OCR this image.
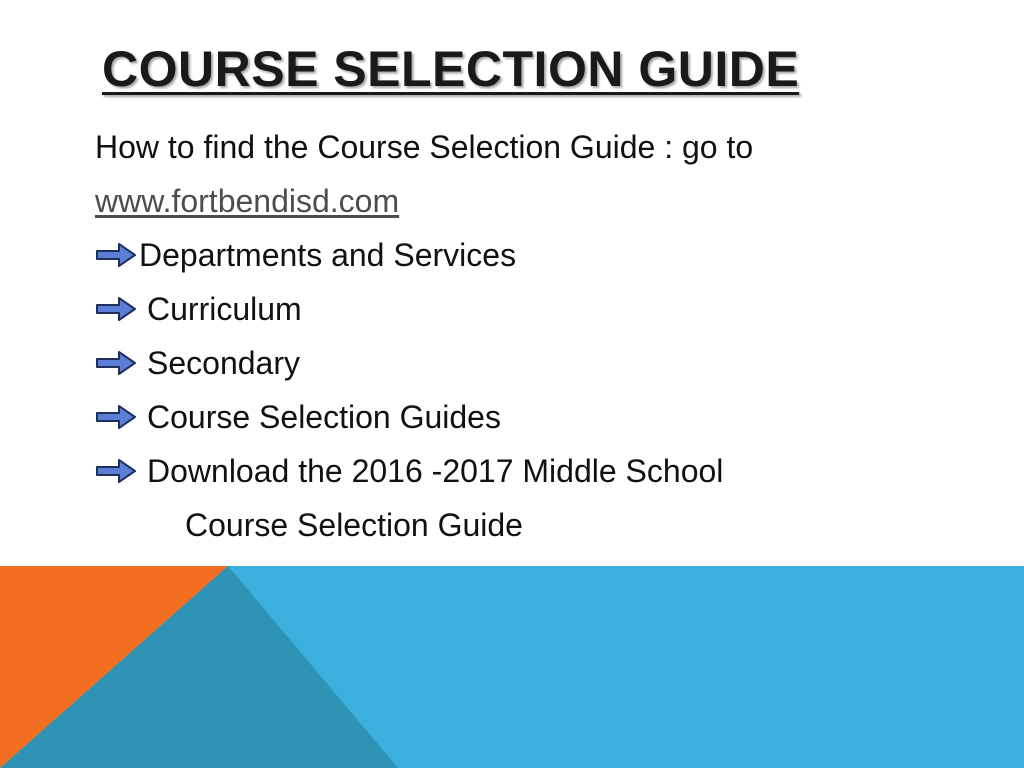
COURSE SELECTION GUIDE
How to find the Course Selection Guide : go to
www.fortbendisd.com
Departments and Services
Curriculum
Secondary
Course Selection Guides
Download the 2016 -2017 Middle School
Course Selection Guide
